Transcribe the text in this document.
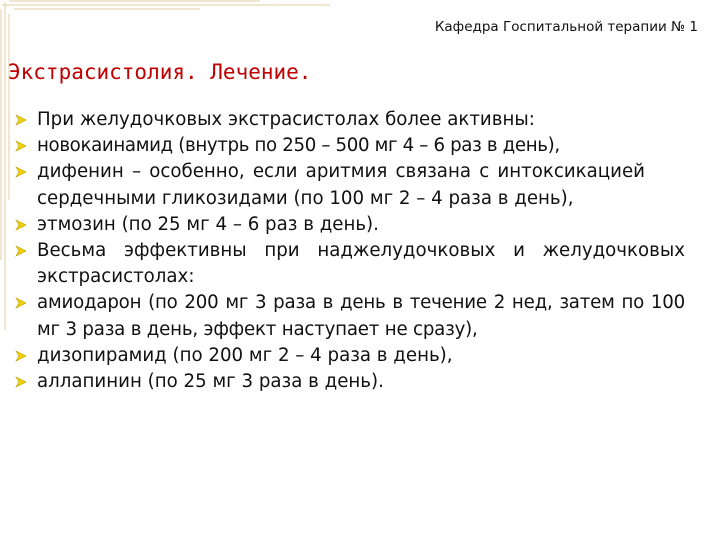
Кафедра Госпитальной терапии № 1
Экстрасистолия. Лечение.
При желудочковых экстрасистолах более активны:
новокаинамид (внутрь по 250 – 500 мг 4 – 6 раз в день),
дифенин – особенно, если аритмия связана с интоксикацией сердечными гликозидами (по 100 мг 2 – 4 раза в день),
этмозин (по 25 мг 4 – 6 раз в день).
Весьма эффективны при наджелудочковых и желудочковых экстрасистолах:
амиодарон (по 200 мг 3 раза в день в течение 2 нед, затем по 100 мг 3 раза в день, эффект наступает не сразу),
дизопирамид (по 200 мг 2 – 4 раза в день),
аллапинин (по 25 мг 3 раза в день).
